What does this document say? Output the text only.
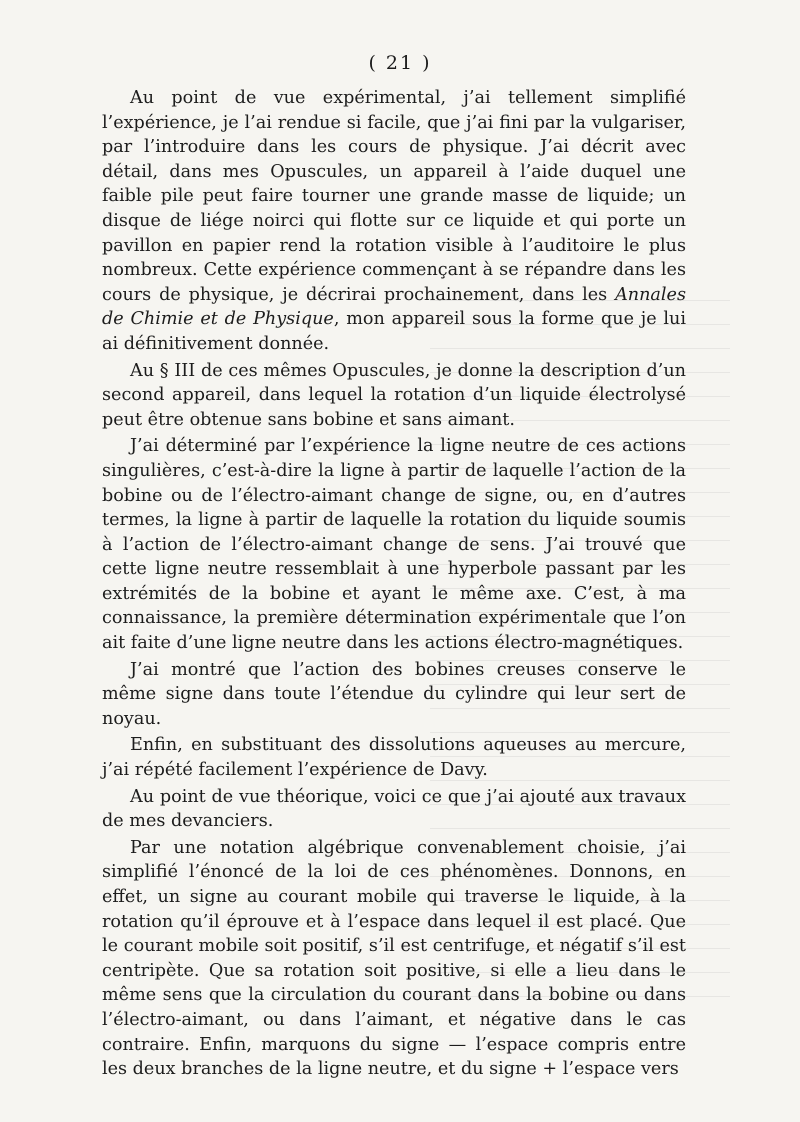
( 21 )

Au point de vue expérimental, j’ai tellement simplifié l’expérience, je l’ai rendue si facile, que j’ai fini par la vulgariser, par l’introduire dans les cours de physique. J’ai décrit avec détail, dans mes Opuscules, un appareil à l’aide duquel une faible pile peut faire tourner une grande masse de liquide; un disque de liége noirci qui flotte sur ce liquide et qui porte un pavillon en papier rend la rotation visible à l’auditoire le plus nombreux. Cette expérience commençant à se répandre dans les cours de physique, je décrirai prochainement, dans les Annales de Chimie et de Physique, mon appareil sous la forme que je lui ai définitivement donnée.

Au § III de ces mêmes Opuscules, je donne la description d’un second appareil, dans lequel la rotation d’un liquide électrolysé peut être obtenue sans bobine et sans aimant.

J’ai déterminé par l’expérience la ligne neutre de ces actions singulières, c’est-à-dire la ligne à partir de laquelle l’action de la bobine ou de l’électro-aimant change de signe, ou, en d’autres termes, la ligne à partir de laquelle la rotation du liquide soumis à l’action de l’électro-aimant change de sens. J’ai trouvé que cette ligne neutre ressemblait à une hyperbole passant par les extrémités de la bobine et ayant le même axe. C’est, à ma connaissance, la première détermination expérimentale que l’on ait faite d’une ligne neutre dans les actions électro-magnétiques.

J’ai montré que l’action des bobines creuses conserve le même signe dans toute l’étendue du cylindre qui leur sert de noyau.

Enfin, en substituant des dissolutions aqueuses au mercure, j’ai répété facilement l’expérience de Davy.

Au point de vue théorique, voici ce que j’ai ajouté aux travaux de mes devanciers.

Par une notation algébrique convenablement choisie, j’ai simplifié l’énoncé de la loi de ces phénomènes. Donnons, en effet, un signe au courant mobile qui traverse le liquide, à la rotation qu’il éprouve et à l’espace dans lequel il est placé. Que le courant mobile soit positif, s’il est centrifuge, et négatif s’il est centripète. Que sa rotation soit positive, si elle a lieu dans le même sens que la circulation du courant dans la bobine ou dans l’électro-aimant, ou dans l’aimant, et négative dans le cas contraire. Enfin, marquons du signe — l’espace compris entre les deux branches de la ligne neutre, et du signe + l’espace vers
